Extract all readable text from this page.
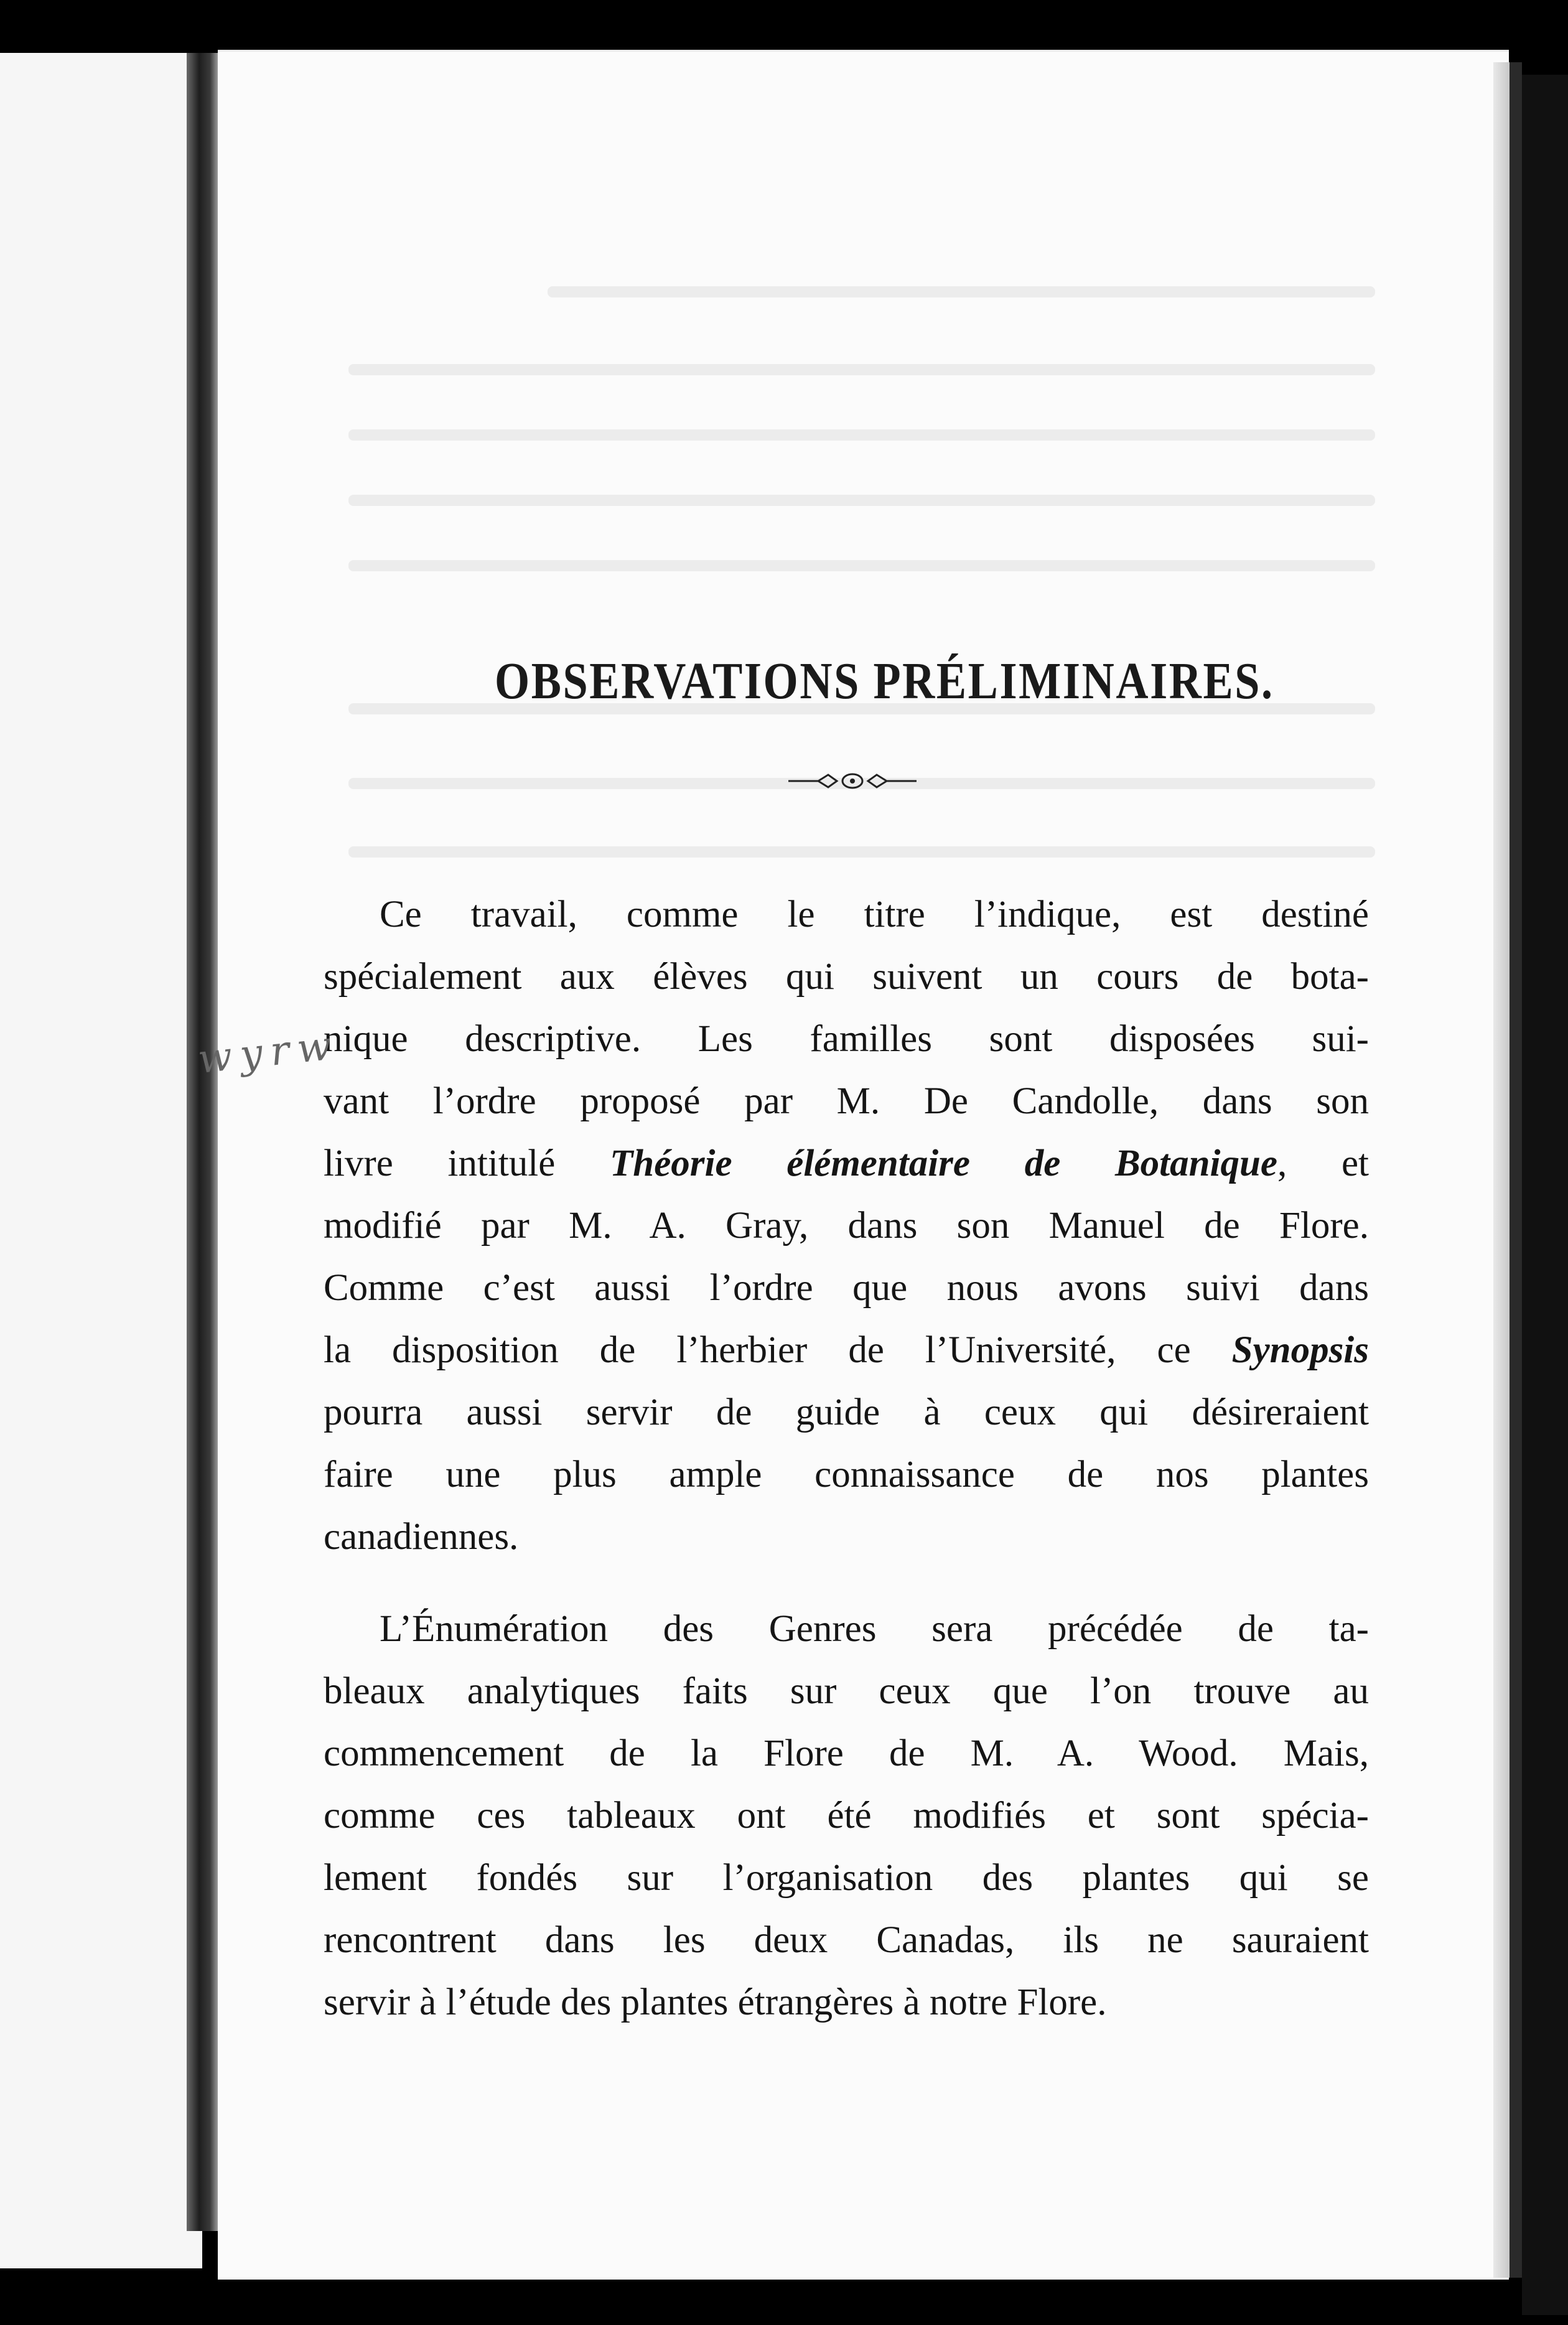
OBSERVATIONS PRÉLIMINAIRES.
Ce travail, comme le titre l’indique, est destiné
spécialement aux élèves qui suivent un cours de bota-
nique descriptive. Les familles sont disposées sui-
vant l’ordre proposé par M. De Candolle, dans son
livre intitulé Théorie élémentaire de Botanique, et
modifié par M. A. Gray, dans son Manuel de Flore.
Comme c’est aussi l’ordre que nous avons suivi dans
la disposition de l’herbier de l’Université, ce Synopsis
pourra aussi servir de guide à ceux qui désireraient
faire une plus ample connaissance de nos plantes
canadiennes.
L’Énumération des Genres sera précédée de ta-
bleaux analytiques faits sur ceux que l’on trouve au
commencement de la Flore de M. A. Wood. Mais,
comme ces tableaux ont été modifiés et sont spécia-
lement fondés sur l’organisation des plantes qui se
rencontrent dans les deux Canadas, ils ne sauraient
servir à l’étude des plantes étrangères à notre Flore.
w y r w
